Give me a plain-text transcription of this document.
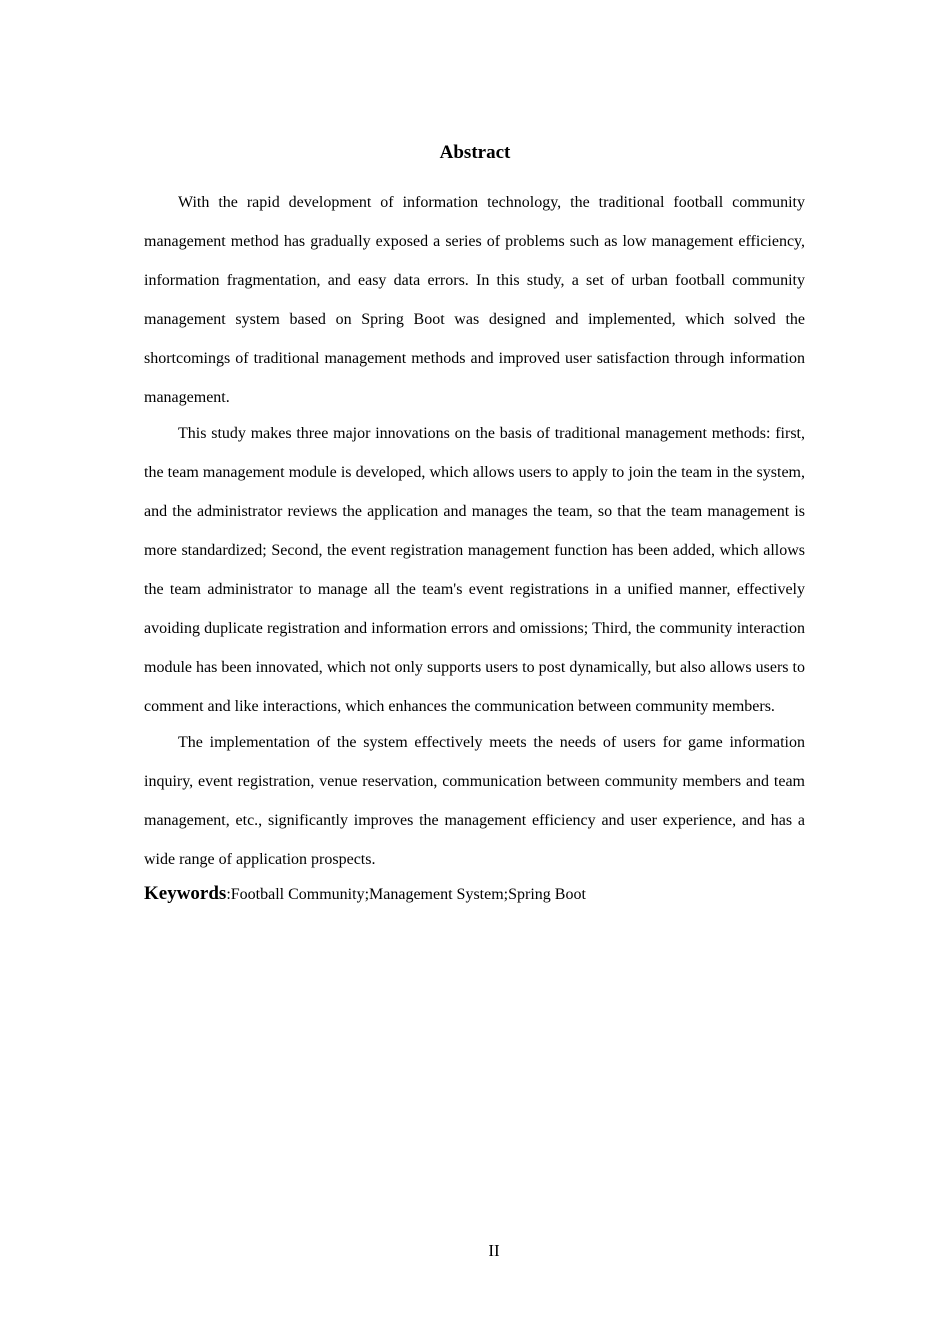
Abstract

With the rapid development of information technology, the traditional football community management method has gradually exposed a series of problems such as low management efficiency, information fragmentation, and easy data errors. In this study, a set of urban football community management system based on Spring Boot was designed and implemented, which solved the shortcomings of traditional management methods and improved user satisfaction through information management.

This study makes three major innovations on the basis of traditional management methods: first, the team management module is developed, which allows users to apply to join the team in the system, and the administrator reviews the application and manages the team, so that the team management is more standardized; Second, the event registration management function has been added, which allows the team administrator to manage all the team's event registrations in a unified manner, effectively avoiding duplicate registration and information errors and omissions; Third, the community interaction module has been innovated, which not only supports users to post dynamically, but also allows users to comment and like interactions, which enhances the communication between community members.

The implementation of the system effectively meets the needs of users for game information inquiry, event registration, venue reservation, communication between community members and team management, etc., significantly improves the management efficiency and user experience, and has a wide range of application prospects.

Keywords:Football Community;Management System;Spring Boot

II
